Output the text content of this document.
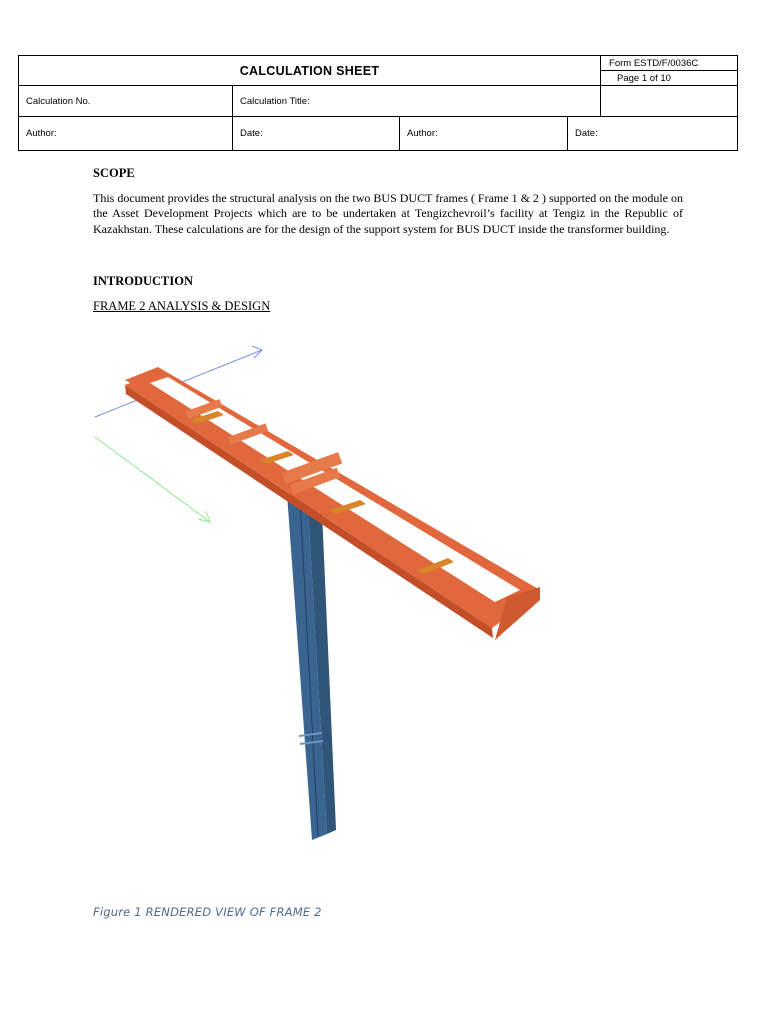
CALCULATION SHEET				Form ESTD/F/0036C
				Page 1 of 10
Calculation No.	Calculation Title:			
Author:	Date:	Author:	Date:	
SCOPE
This document provides the structural analysis on the two BUS DUCT frames ( Frame 1 & 2 ) supported on the module on the Asset Development Projects which are to be undertaken at Tengizchevroil’s facility at Tengiz in the Republic of Kazakhstan. These calculations are for the design of the support system for BUS DUCT inside the transformer building.
INTRODUCTION
FRAME 2 ANALYSIS & DESIGN
Figure 1 RENDERED VIEW OF FRAME 2
